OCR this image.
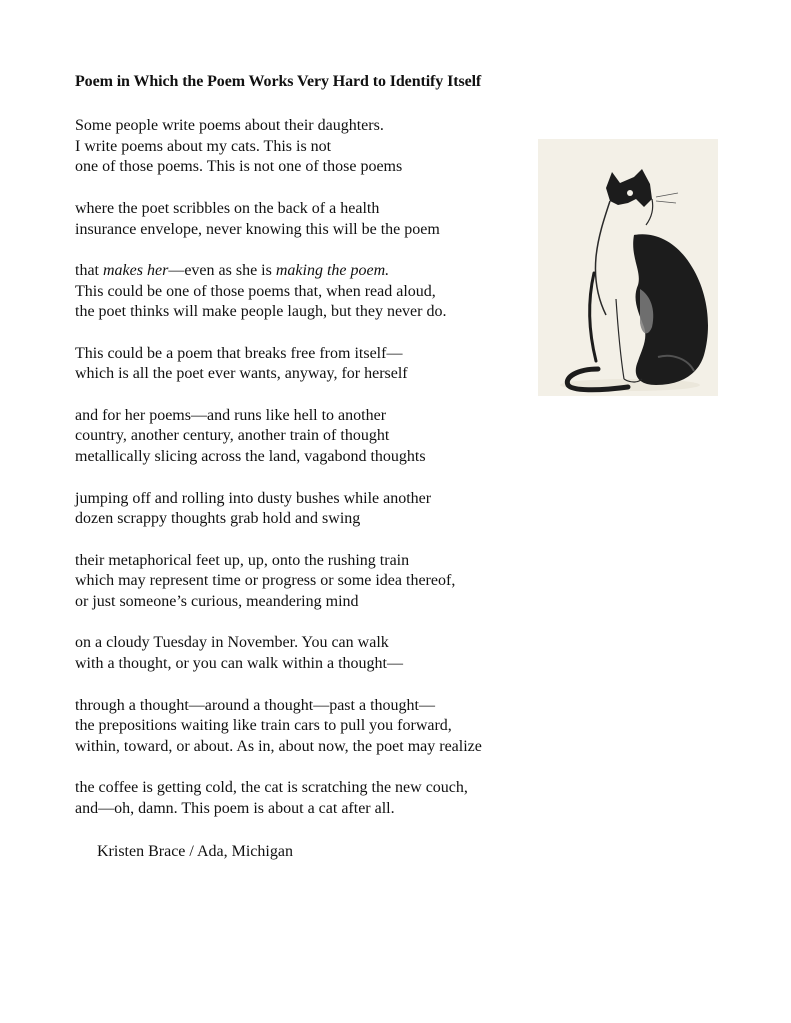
Poem in Which the Poem Works Very Hard to Identify Itself
Some people write poems about their daughters.
I write poems about my cats. This is not
one of those poems. This is not one of those poems
where the poet scribbles on the back of a health
insurance envelope, never knowing this will be the poem
that makes her—even as she is making the poem.
This could be one of those poems that, when read aloud,
the poet thinks will make people laugh, but they never do.
This could be a poem that breaks free from itself—
which is all the poet ever wants, anyway, for herself
and for her poems—and runs like hell to another
country, another century, another train of thought
metallically slicing across the land, vagabond thoughts
jumping off and rolling into dusty bushes while another
dozen scrappy thoughts grab hold and swing
their metaphorical feet up, up, onto the rushing train
which may represent time or progress or some idea thereof,
or just someone’s curious, meandering mind
on a cloudy Tuesday in November. You can walk
with a thought, or you can walk within a thought—
through a thought—around a thought—past a thought—
the prepositions waiting like train cars to pull you forward,
within, toward, or about. As in, about now, the poet may realize
the coffee is getting cold, the cat is scratching the new couch,
and—oh, damn. This poem is about a cat after all.
Kristen Brace / Ada, Michigan
